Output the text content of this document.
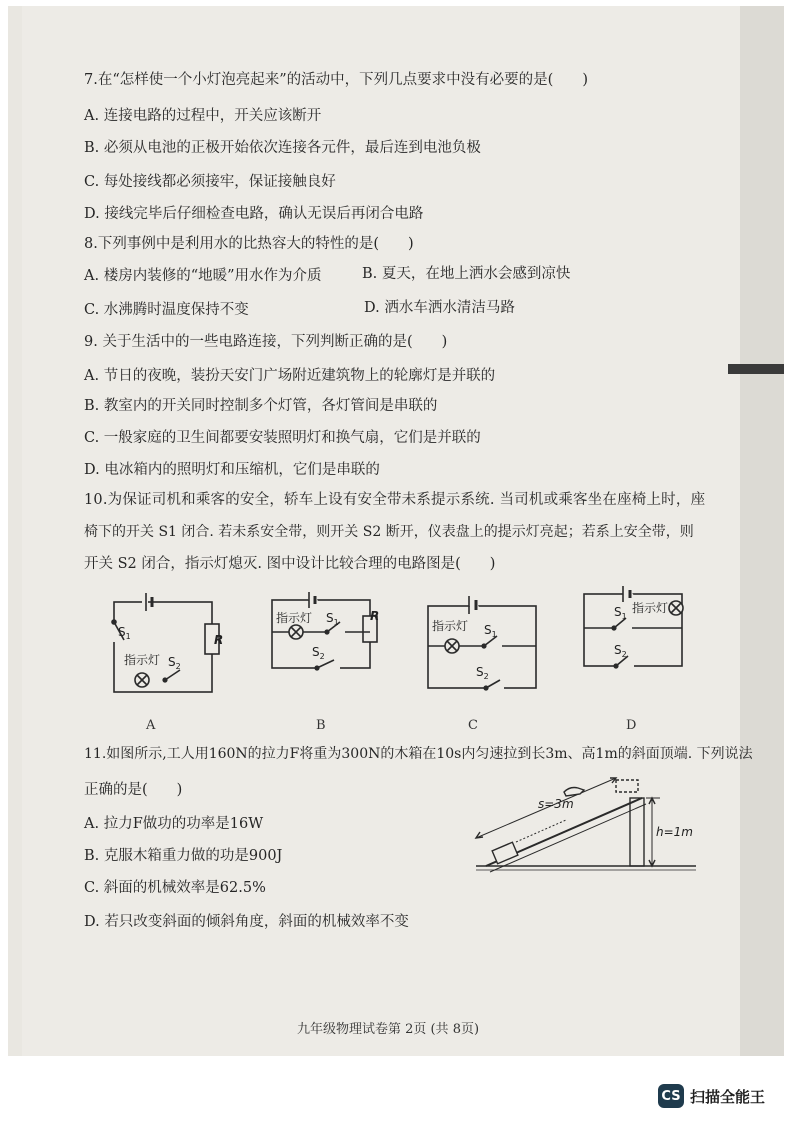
7.在“怎样使一个小灯泡亮起来”的活动中，下列几点要求中没有必要的是(　　)
A. 连接电路的过程中，开关应该断开
B. 必须从电池的正极开始依次连接各元件，最后连到电池负极
C. 每处接线都必须接牢，保证接触良好
D. 接线完毕后仔细检查电路，确认无误后再闭合电路
8.下列事例中是利用水的比热容大的特性的是(　　)
A. 楼房内装修的“地暖”用水作为介质	B. 夏天，在地上洒水会感到凉快
C. 水沸腾时温度保持不变	D. 洒水车洒水清洁马路
9. 关于生活中的一些电路连接，下列判断正确的是(　　)
A. 节日的夜晚，装扮天安门广场附近建筑物上的轮廓灯是并联的
B. 教室内的开关同时控制多个灯管，各灯管间是串联的
C. 一般家庭的卫生间都要安装照明灯和换气扇，它们是并联的
D. 电冰箱内的照明灯和压缩机，它们是串联的
10.为保证司机和乘客的安全，轿车上设有安全带未系提示系统. 当司机或乘客坐在座椅上时，座
椅下的开关 S1 闭合. 若未系安全带，则开关 S2 断开，仪表盘上的提示灯亮起；若系上安全带，则
开关 S2 闭合，指示灯熄灭. 图中设计比较合理的电路图是(　　)
$S_1$
指示灯 $S_2$
R
指示灯 $S_1$	R
$S_2$
指示灯 $S_1$
$S_2$
$S_1$
指示灯
$S_2$
A	B	C	D
11.如图所示,工人用160N的拉力F将重为300N的木箱在10s内匀速拉到长3m、高1m的斜面顶端. 下列说法
正确的是(　　)
A. 拉力F做功的功率是16W
B. 克服木箱重力做的功是900J
C. 斜面的机械效率是62.5%
D. 若只改变斜面的倾斜角度，斜面的机械效率不变
s=3m
h=1m
九年级物理试卷第 2页 (共 8页)
CS 扫描全能王
